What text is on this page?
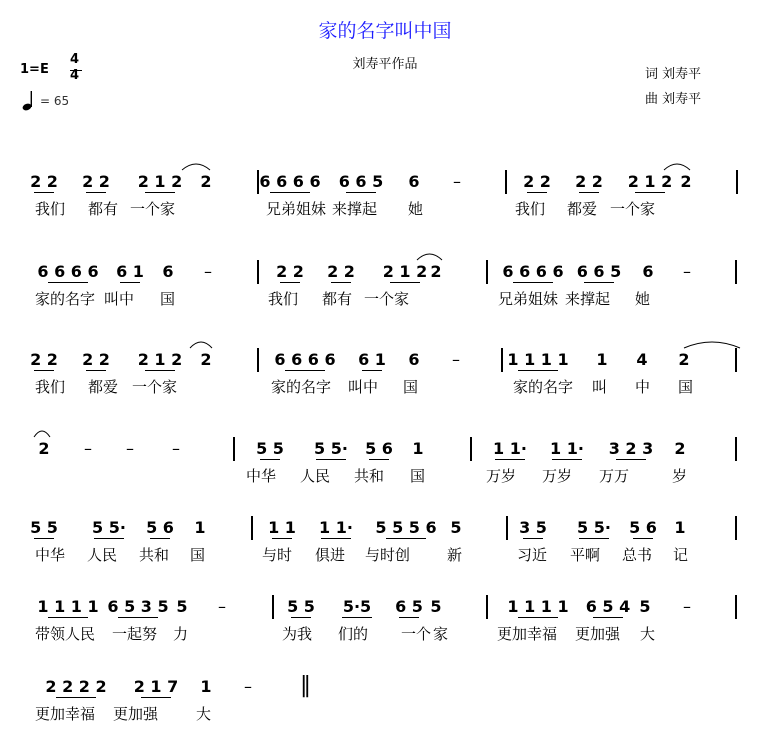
家的名字叫中国
刘寿平作品
词 刘寿平
曲 刘寿平
1=E
4
4
= 65
2 2	2 2	2 1 2	2	6 6 6 6	6 6 5	6	–	2 2	2 2	2 1 2 2
我们 都有 一个家	兄弟姐妹 来撑起 她	我们 都爱 一个家
6 6 6 6	6 1	6	–	2 2	2 2	2 1 2 2	6 6 6 6 6 6 5	6	–
家的名字 叫中 国	我们 都有 一个家	兄弟姐妹 来撑起 她
2 2	2 2	2 1 2	2	6 6 6 6	6 1	6	–	1 1 1 1	1	4	2
我们 都爱 一个家	家的名字 叫中 国	家的名字 叫 中 国
2	–	–	–	5 5	5 5·	5 6	1	1 1·	1 1·	3 2 3	2
中华 人民 共和 国	万岁 万岁 万万	岁
5 5	5 5·	5 6	1	1 1	1 1·	5 5 5 6 5	3 5	5 5·	5 6	1
中华 人民 共和 国	与时 俱进 与时创 新	习近 平啊 总书 记
1 1 1 1 6 5 3 5 5	–	5 5	5·5	6 5 5	1 1 1 1	6 5 4 5	–
带领人民 一起努 力	为我 们的 一个 家	更加幸福 更加强 大
2 2 2 2	2 1 7	1	–
更加幸福 更加强	大
‖
